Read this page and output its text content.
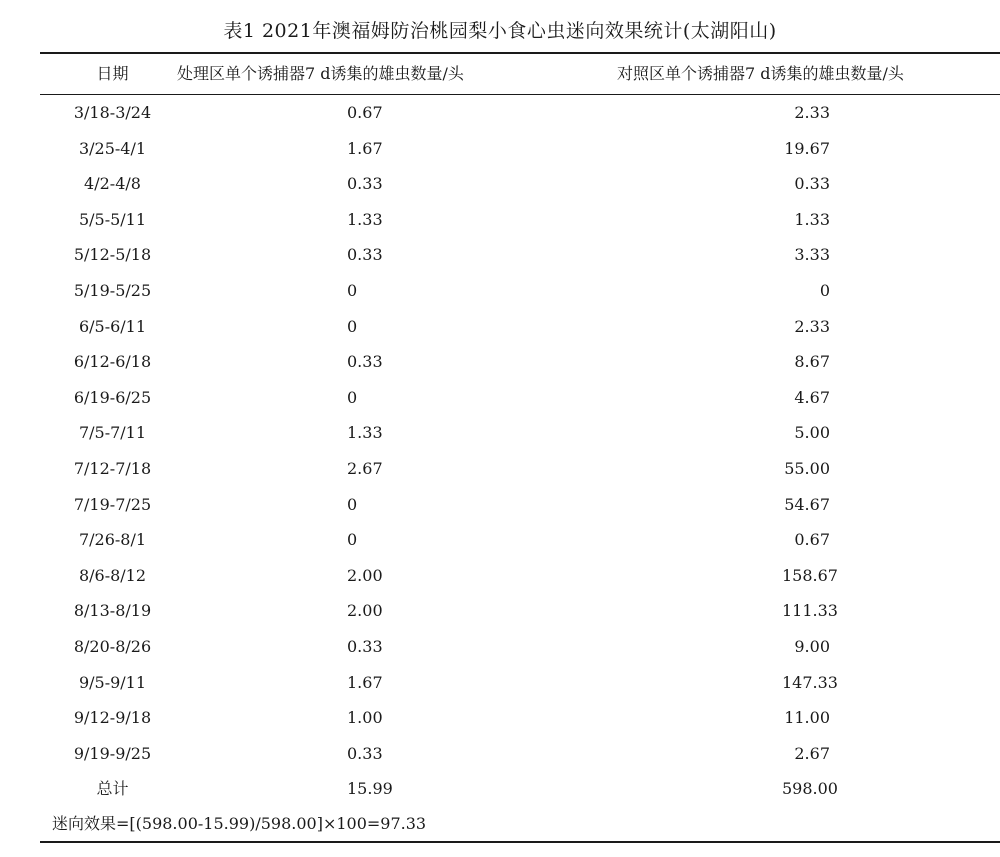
表1 2021年澳福姆防治桃园梨小食心虫迷向效果统计(太湖阳山)
日期	处理区单个诱捕器7 d诱集的雄虫数量/头	对照区单个诱捕器7 d诱集的雄虫数量/头
3/18-3/24	0.67	2.33
3/25-4/1	1.67	19.67
4/2-4/8	0.33	0.33
5/5-5/11	1.33	1.33
5/12-5/18	0.33	3.33
5/19-5/25	0	0
6/5-6/11	0	2.33
6/12-6/18	0.33	8.67
6/19-6/25	0	4.67
7/5-7/11	1.33	5.00
7/12-7/18	2.67	55.00
7/19-7/25	0	54.67
7/26-8/1	0	0.67
8/6-8/12	2.00	158.67
8/13-8/19	2.00	111.33
8/20-8/26	0.33	9.00
9/5-9/11	1.67	147.33
9/12-9/18	1.00	11.00
9/19-9/25	0.33	2.67
总计	15.99	598.00
迷向效果=[(598.00-15.99)/598.00]×100=97.33
